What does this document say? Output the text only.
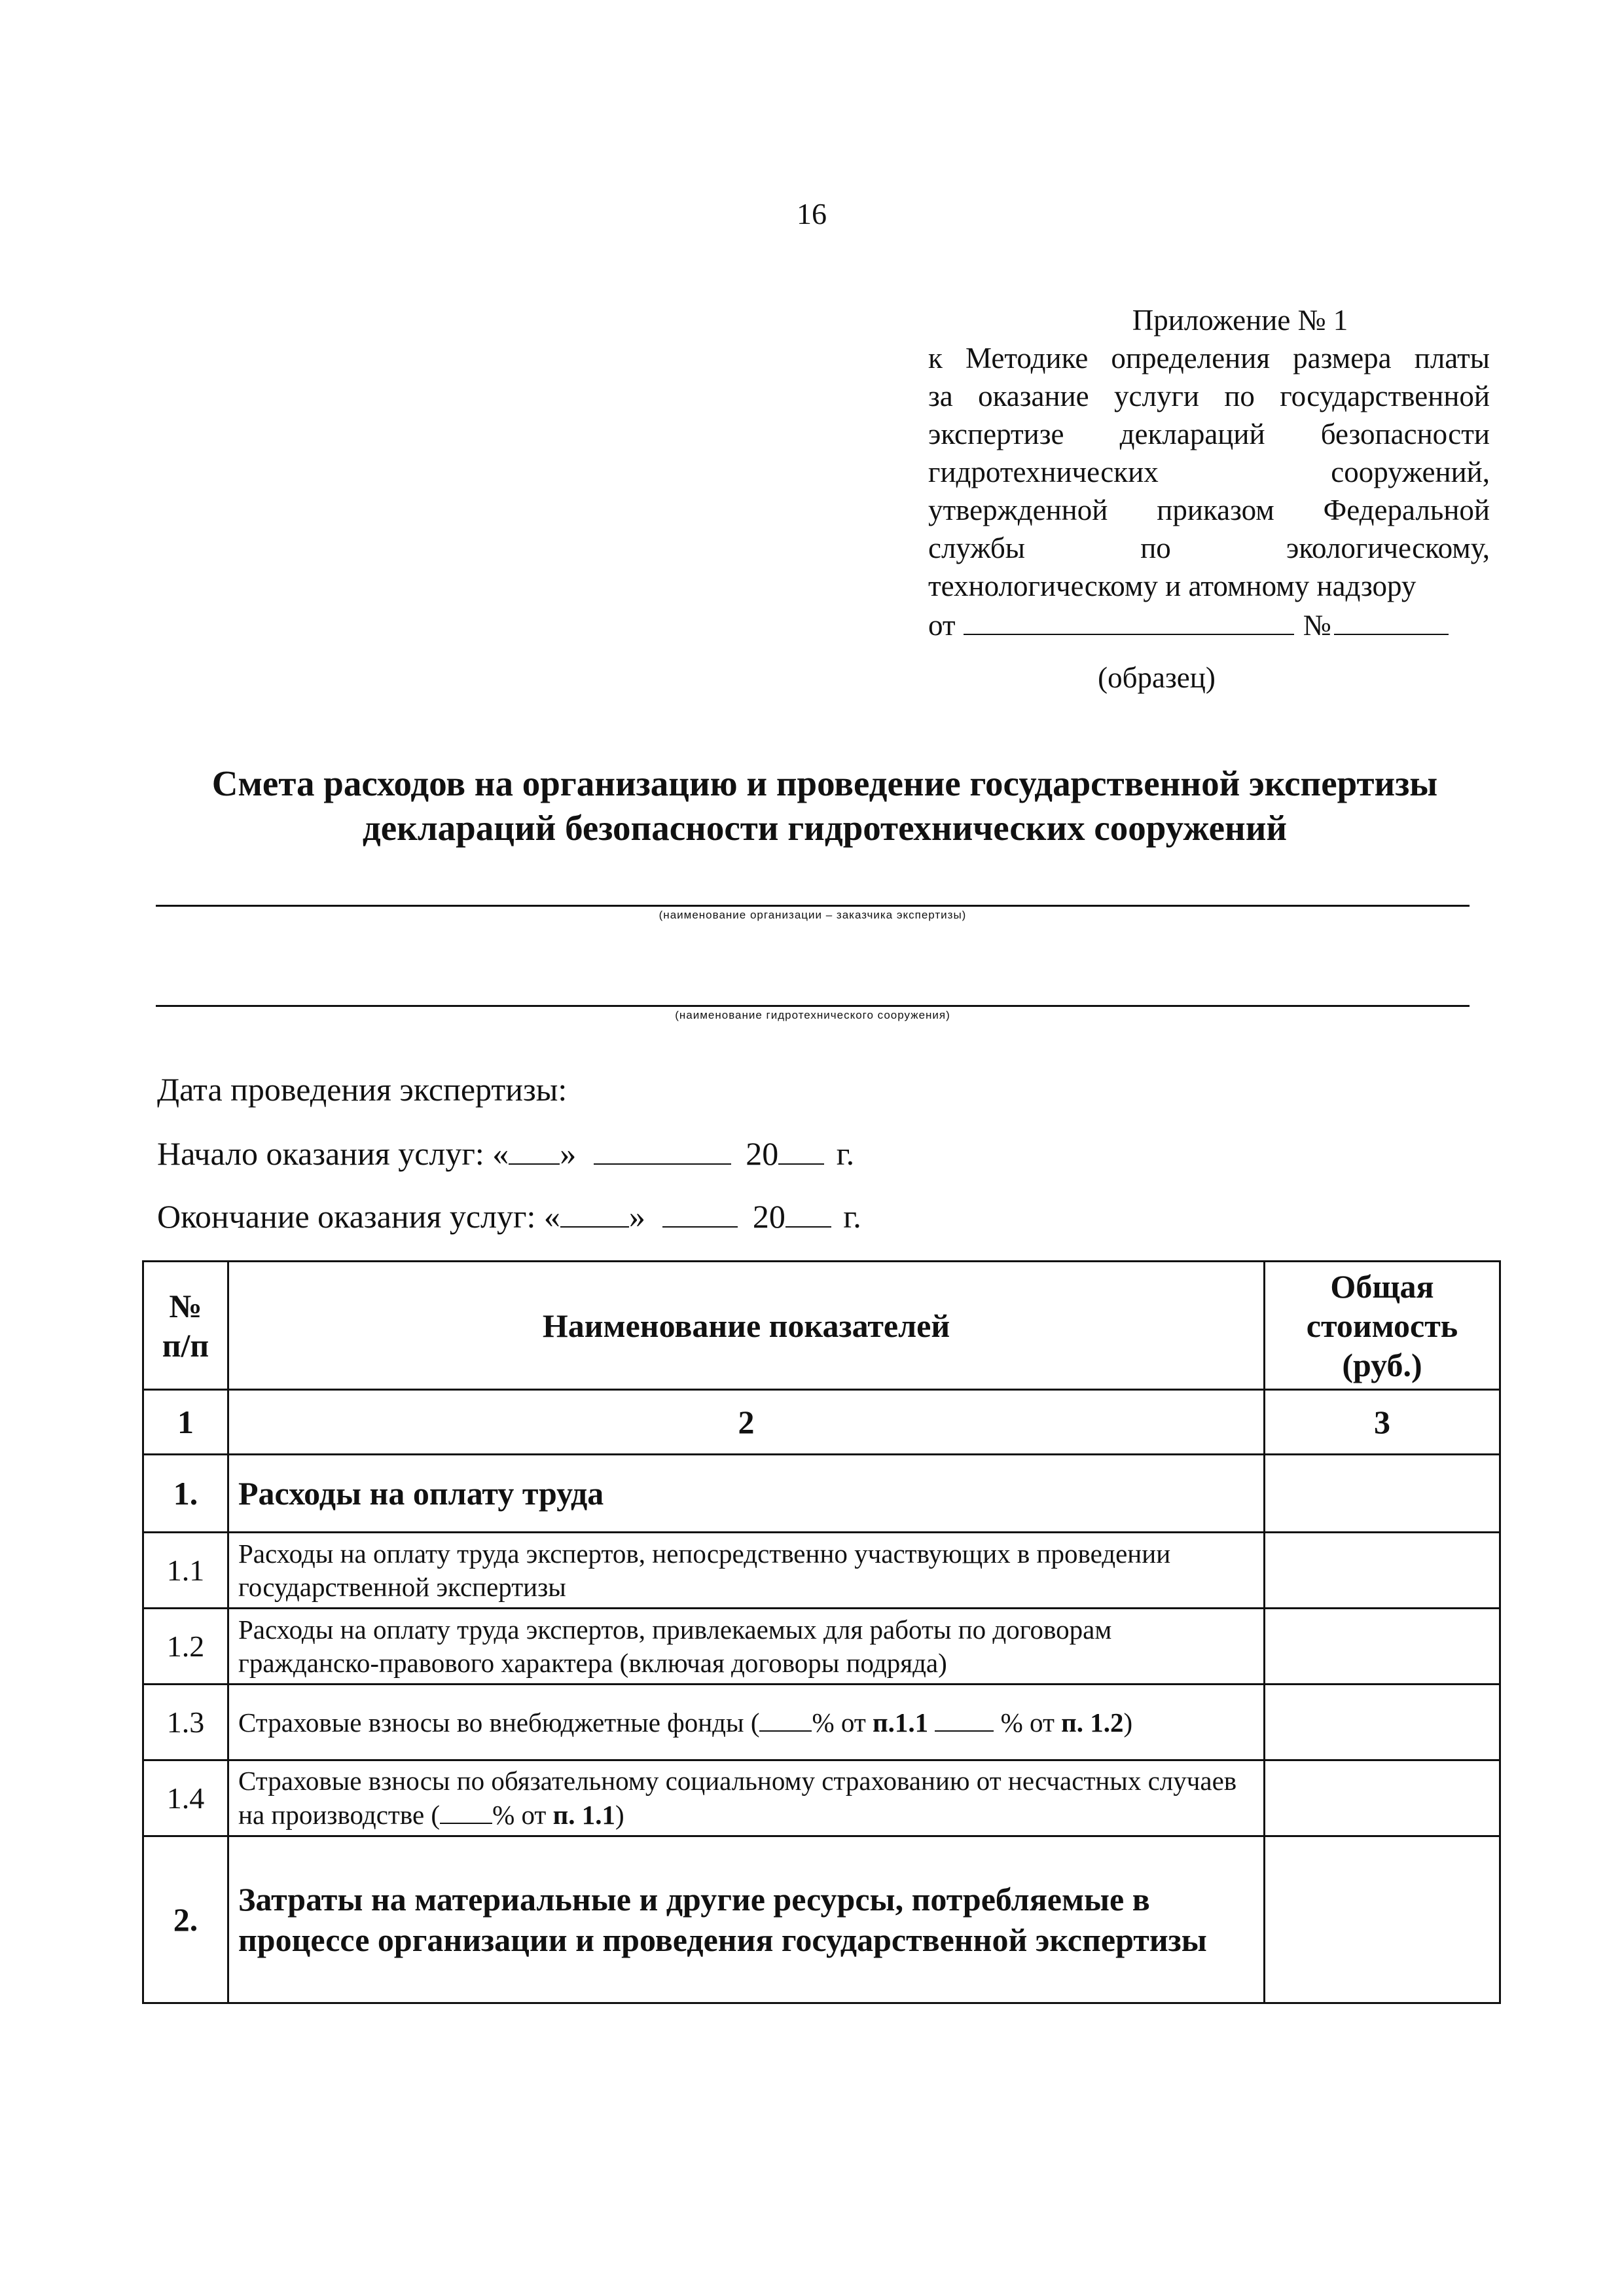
16
Приложение № 1
к Методике определения размера платы
за оказание услуги по государственной
экспертизе деклараций безопасности
гидротехнических сооружений,
утвержденной приказом Федеральной
службы по экологическому,
технологическому и атомному надзору
от	№
(образец)
Смета расходов на организацию и проведение государственной экспертизы
деклараций безопасности гидротехнических сооружений
(наименование организации – заказчика экспертизы)
(наименование гидротехнического сооружения)
Дата проведения экспертизы:
Начало оказания услуг: « »	20 г.
Окончание оказания услуг: « »	20 г.
№ п/п	Наименование показателей	Общая стоимость (руб.)
1	2	3
1.	Расходы на оплату труда	
1.1	Расходы на оплату труда экспертов, непосредственно участвующих в проведении государственной экспертизы	
1.2	Расходы на оплату труда экспертов, привлекаемых для работы по договорам гражданско-правового характера (включая договоры подряда)	
1.3	Страховые взносы во внебюджетные фонды ( % от п.1.1 % от п. 1.2)	
1.4	Страховые взносы по обязательному социальному страхованию от несчастных случаев на производстве ( % от п. 1.1)	
2.	Затраты на материальные и другие ресурсы, потребляемые в процессе организации и проведения государственной экспертизы	
